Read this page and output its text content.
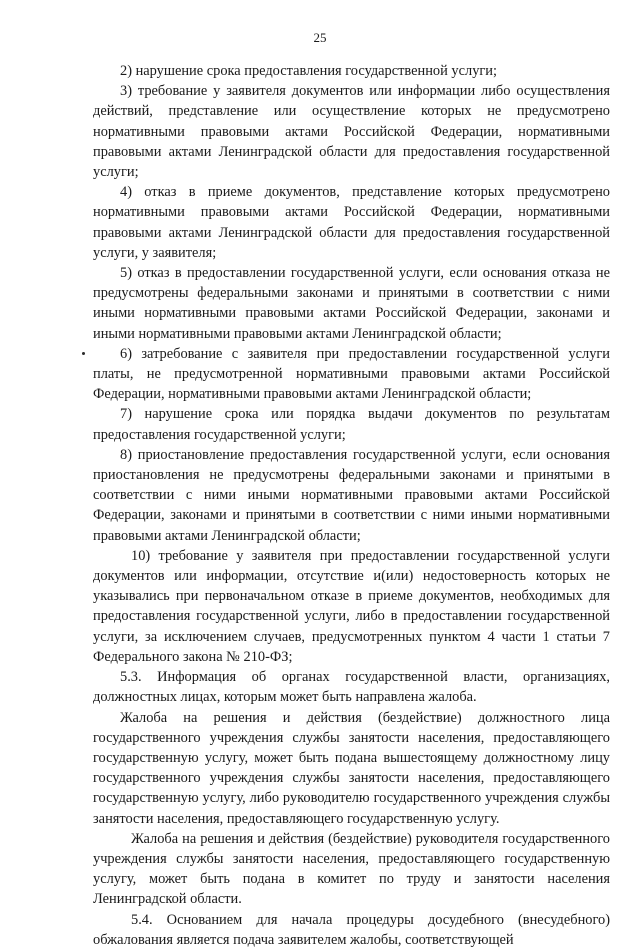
25

2) нарушение срока предоставления государственной услуги;

3) требование у заявителя документов или информации либо осуществления действий, представление или осуществление которых не предусмотрено нормативными правовыми актами Российской Федерации, нормативными правовыми актами Ленинградской области для предоставления государственной услуги;

4) отказ в приеме документов, представление которых предусмотрено нормативными правовыми актами Российской Федерации, нормативными правовыми актами Ленинградской области для предоставления государственной услуги, у заявителя;

5) отказ в предоставлении государственной услуги, если основания отказа не предусмотрены федеральными законами и принятыми в соответствии с ними иными нормативными правовыми актами Российской Федерации, законами и иными нормативными правовыми актами Ленинградской области;

6) затребование с заявителя при предоставлении государственной услуги платы, не предусмотренной нормативными правовыми актами Российской Федерации, нормативными правовыми актами Ленинградской области;

7) нарушение срока или порядка выдачи документов по результатам предоставления государственной услуги;

8) приостановление предоставления государственной услуги, если основания приостановления не предусмотрены федеральными законами и принятыми в соответствии с ними иными нормативными правовыми актами Российской Федерации, законами и принятыми в соответствии с ними иными нормативными правовыми актами Ленинградской области;

10) требование у заявителя при предоставлении государственной услуги документов или информации, отсутствие и(или) недостоверность которых не указывались при первоначальном отказе в приеме документов, необходимых для предоставления государственной услуги, либо в предоставлении государственной услуги, за исключением случаев, предусмотренных пунктом 4 части 1 статьи 7 Федерального закона № 210-ФЗ;

5.3. Информация об органах государственной власти, организациях, должностных лицах, которым может быть направлена жалоба.

Жалоба на решения и действия (бездействие) должностного лица государственного учреждения службы занятости населения, предоставляющего государственную услугу, может быть подана вышестоящему должностному лицу государственного учреждения службы занятости населения, предоставляющего государственную услугу, либо руководителю государственного учреждения службы занятости населения, предоставляющего государственную услугу.

Жалоба на решения и действия (бездействие) руководителя государственного учреждения службы занятости населения, предоставляющего государственную услугу, может быть подана в комитет по труду и занятости населения Ленинградской области.

5.4. Основанием для начала процедуры досудебного (внесудебного) обжалования является подача заявителем жалобы, соответствующей
